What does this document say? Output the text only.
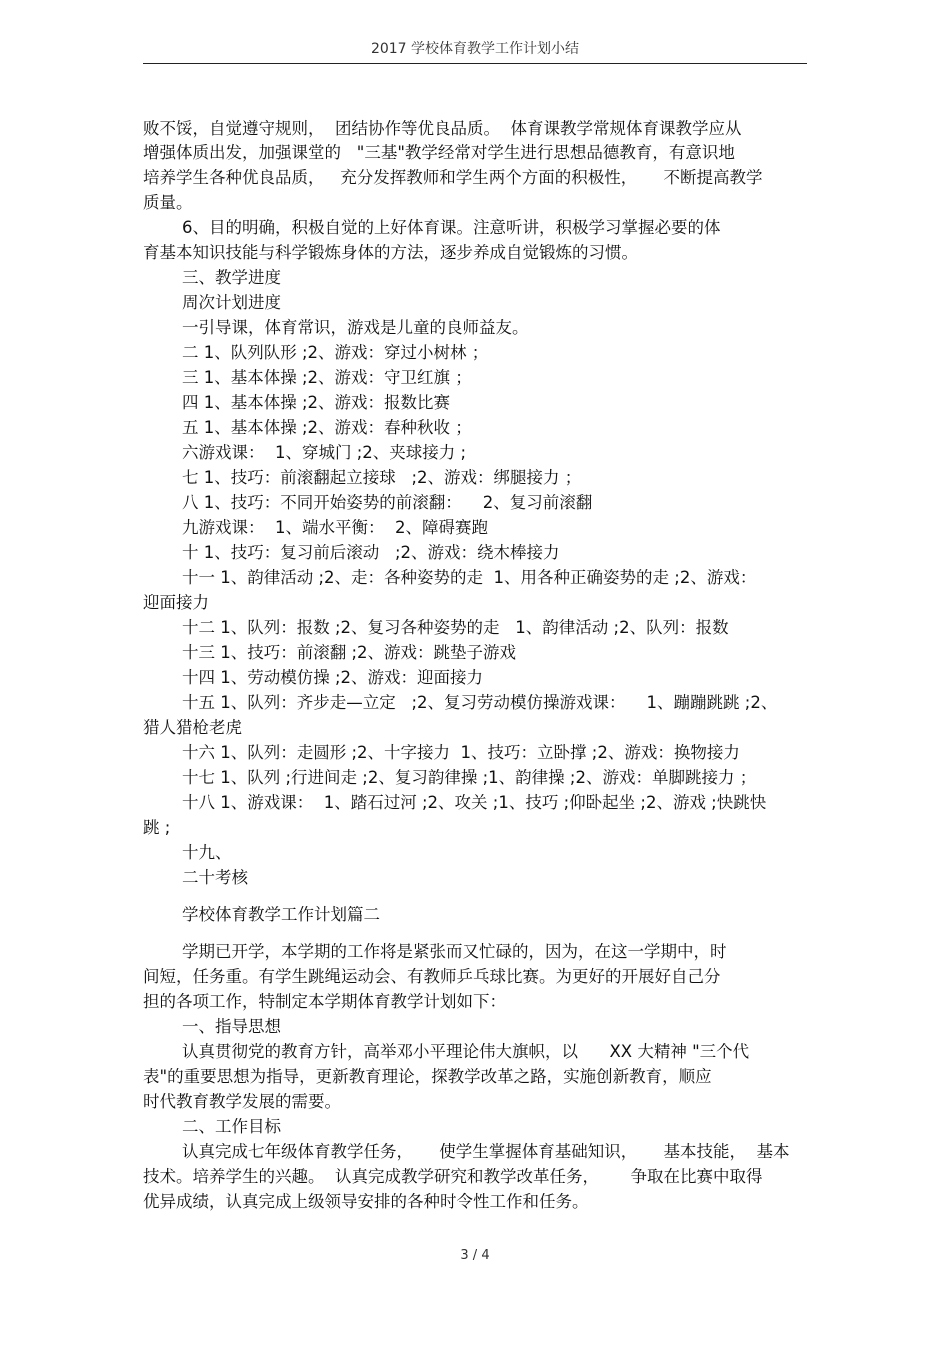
2017 学校体育教学工作计划小结
败不馁，自觉遵守规则，  团结协作等优良品质。  体育课教学常规体育课教学应从
增强体质出发，加强课堂的   "三基"教学经常对学生进行思想品德教育，有意识地
培养学生各种优良品质，   充分发挥教师和学生两个方面的积极性，     不断提高教学
质量。
6、目的明确，积极自觉的上好体育课。注意听讲，积极学习掌握必要的体
育基本知识技能与科学锻炼身体的方法，逐步养成自觉锻炼的习惯。
三、教学进度
周次计划进度
一引导课，体育常识，游戏是儿童的良师益友。
二 1、队列队形 ;2、游戏：穿过小树林 ；
三 1、基本体操 ;2、游戏：守卫红旗 ；
四 1、基本体操 ;2、游戏：报数比赛
五 1、基本体操 ;2、游戏：春种秋收 ；
六游戏课：  1、穿城门 ;2、夹球接力 ;
七 1、技巧：前滚翻起立接球   ;2、游戏：绑腿接力 ；
八 1、技巧：不同开始姿势的前滚翻：    2、复习前滚翻
九游戏课：  1、端水平衡：  2、障碍赛跑
十 1、技巧：复习前后滚动   ;2、游戏：绕木棒接力
十一 1、韵律活动 ;2、走：各种姿势的走  1、用各种正确姿势的走 ;2、游戏：
迎面接力
十二 1、队列：报数 ;2、复习各种姿势的走   1、韵律活动 ;2、队列：报数
十三 1、技巧：前滚翻 ;2、游戏：跳垫子游戏
十四 1、劳动模仿操 ;2、游戏：迎面接力
十五 1、队列：齐步走—立定   ;2、复习劳动模仿操游戏课：    1、蹦蹦跳跳 ;2、
猎人猎枪老虎
十六 1、队列：走圆形 ;2、十字接力  1、技巧：立卧撑 ;2、游戏：换物接力
十七 1、队列 ;行进间走 ;2、复习韵律操 ;1、韵律操 ;2、游戏：单脚跳接力 ；
十八 1、游戏课：  1、踏石过河 ;2、攻关 ;1、技巧 ;仰卧起坐 ;2、游戏 ;快跳快
跳 ;
十九、
二十考核
学校体育教学工作计划篇二
学期已开学，本学期的工作将是紧张而又忙碌的，因为，在这一学期中，时
间短，任务重。有学生跳绳运动会、有教师乒乓球比赛。为更好的开展好自己分
担的各项工作，特制定本学期体育教学计划如下：
一、指导思想
认真贯彻党的教育方针，高举邓小平理论伟大旗帜，以      XX 大精神 "三个代
表"的重要思想为指导，更新教育理论，探教学改革之路，实施创新教育，顺应
时代教育教学发展的需要。
二、工作目标
认真完成七年级体育教学任务，     使学生掌握体育基础知识，     基本技能，  基本
技术。培养学生的兴趣。  认真完成教学研究和教学改革任务，      争取在比赛中取得
优异成绩，认真完成上级领导安排的各种时令性工作和任务。
3 / 4
